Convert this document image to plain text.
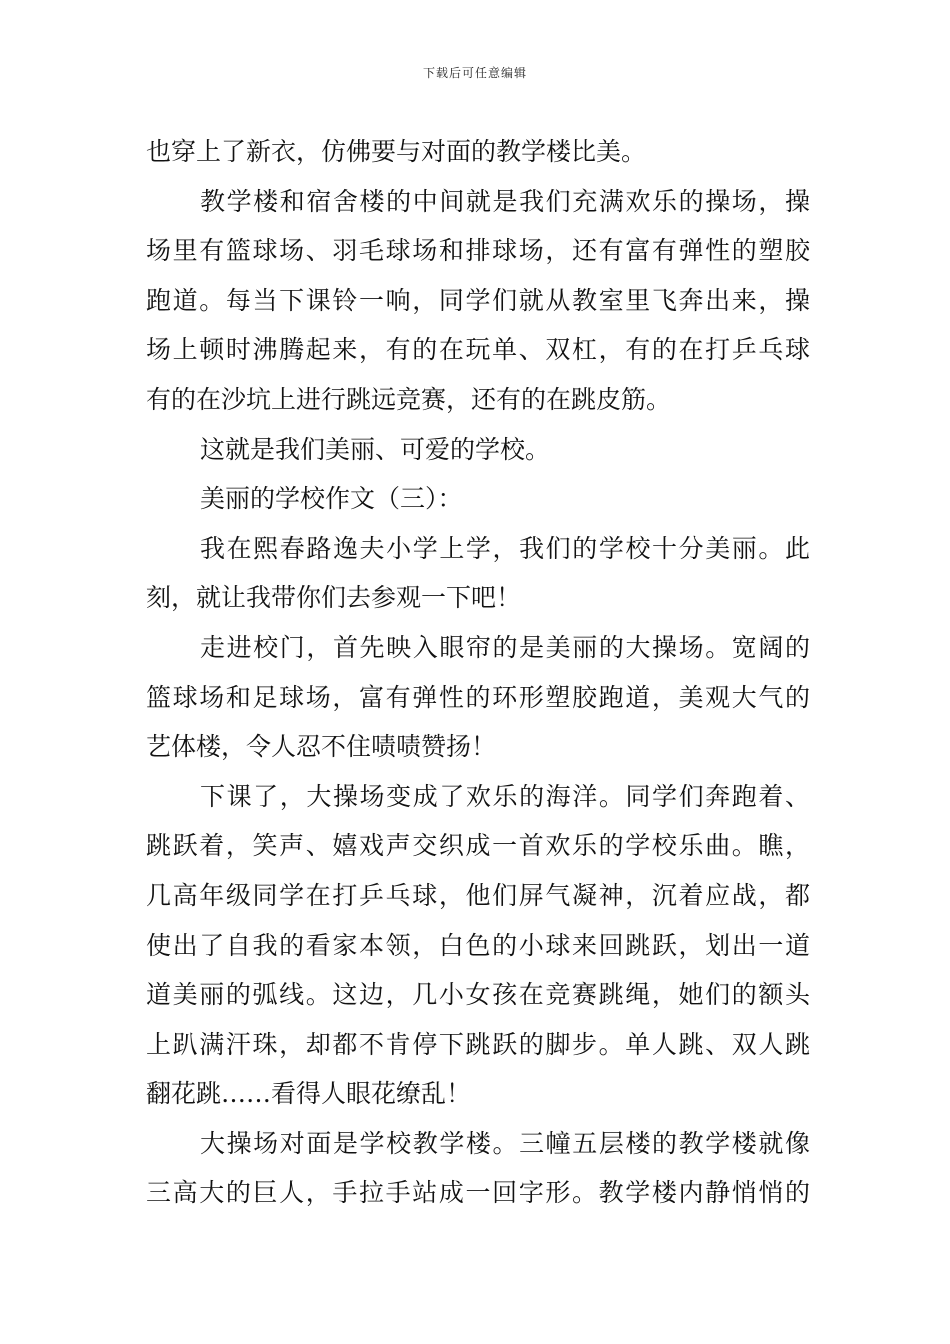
下载后可任意编辑
也穿上了新衣，仿佛要与对面的教学楼比美。
教学楼和宿舍楼的中间就是我们充满欢乐的操场，操
场里有篮球场、羽毛球场和排球场，还有富有弹性的塑胶
跑道。每当下课铃一响，同学们就从教室里飞奔出来，操
场上顿时沸腾起来，有的在玩单、双杠，有的在打乒乓球
有的在沙坑上进行跳远竞赛，还有的在跳皮筋。
这就是我们美丽、可爱的学校。
美丽的学校作文（三）：
我在熙春路逸夫小学上学，我们的学校十分美丽。此
刻，就让我带你们去参观一下吧！
走进校门，首先映入眼帘的是美丽的大操场。宽阔的
篮球场和足球场，富有弹性的环形塑胶跑道，美观大气的
艺体楼，令人忍不住啧啧赞扬！
下课了，大操场变成了欢乐的海洋。同学们奔跑着、
跳跃着，笑声、嬉戏声交织成一首欢乐的学校乐曲。瞧，
几高年级同学在打乒乓球，他们屏气凝神，沉着应战，都
使出了自我的看家本领，白色的小球来回跳跃，划出一道
道美丽的弧线。这边，几小女孩在竞赛跳绳，她们的额头
上趴满汗珠，却都不肯停下跳跃的脚步。单人跳、双人跳
翻花跳……看得人眼花缭乱！
大操场对面是学校教学楼。三幢五层楼的教学楼就像
三高大的巨人，手拉手站成一回字形。教学楼内静悄悄的
